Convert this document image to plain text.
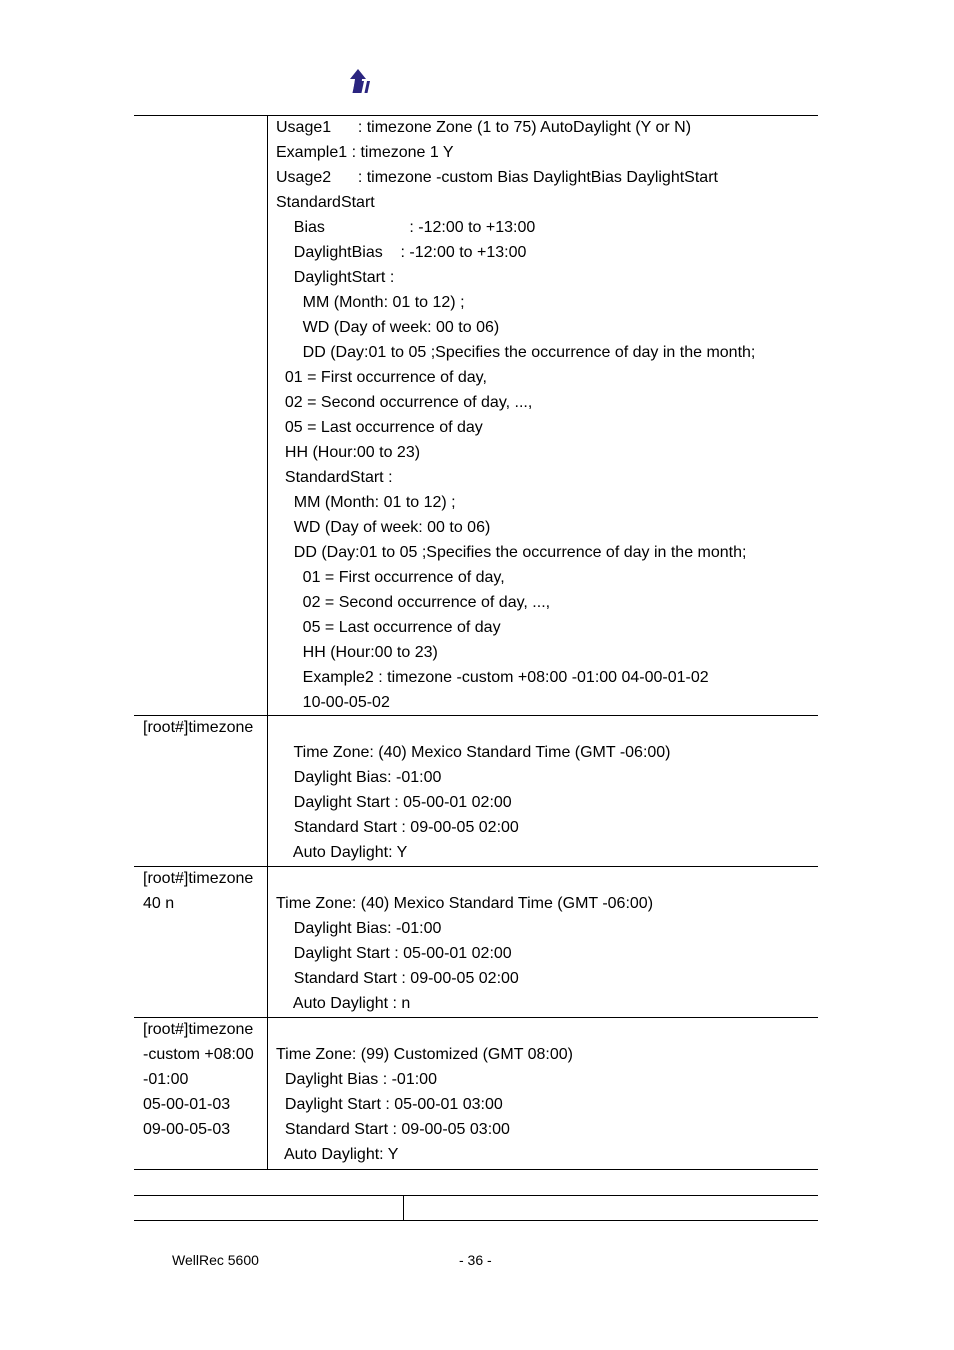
Usage1      : timezone Zone (1 to 75) AutoDaylight (Y or N)
Example1 : timezone 1 Y
Usage2      : timezone -custom Bias DaylightBias DaylightStart
StandardStart
Bias                   : -12:00 to +13:00
DaylightBias    : -12:00 to +13:00
DaylightStart :
MM (Month: 01 to 12) ;
WD (Day of week: 00 to 06)
DD (Day:01 to 05 ;Specifies the occurrence of day in the month;
01 = First occurrence of day,
02 = Second occurrence of day, ...,
05 = Last occurrence of day
HH (Hour:00 to 23)
StandardStart :
MM (Month: 01 to 12) ;
WD (Day of week: 00 to 06)
DD (Day:01 to 05 ;Specifies the occurrence of day in the month;
01 = First occurrence of day,
02 = Second occurrence of day, ...,
05 = Last occurrence of day
HH (Hour:00 to 23)
Example2 : timezone -custom +08:00 -01:00 04-00-01-02
10-00-05-02
[root#]timezone
Time Zone: (40) Mexico Standard Time (GMT -06:00)
Daylight Bias: -01:00
Daylight Start : 05-00-01 02:00
Standard Start : 09-00-05 02:00
Auto Daylight: Y
[root#]timezone
40 n	Time Zone: (40) Mexico Standard Time (GMT -06:00)
Daylight Bias: -01:00
Daylight Start : 05-00-01 02:00
Standard Start : 09-00-05 02:00
Auto Daylight : n
[root#]timezone
-custom +08:00
-01:00
05-00-01-03
09-00-05-03
Time Zone: (99) Customized (GMT 08:00)
Daylight Bias : -01:00
Daylight Start : 05-00-01 03:00
Standard Start : 09-00-05 03:00
Auto Daylight: Y
WellRec 5600	- 36 -
